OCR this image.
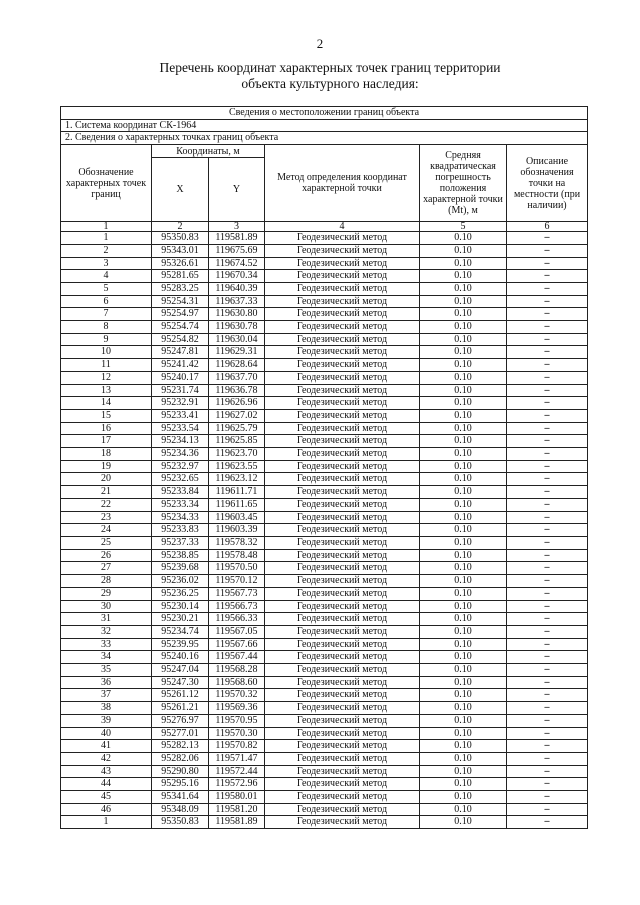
2
Перечень координат характерных точек границ территории
объекта культурного наследия:
Сведения о местоположении границ объекта					
1. Система координат СК-1964					
2. Сведения о характерных точках границ объекта					
Обозначение характерных точек границ	Координаты, м		Метод определения координат характерной точки	Средняя квадратическая погрешность положения характерной точки (Mt), м	Описание обозначения точки на местности (при наличии)
	X	Y			
1	2	3	4	5	6
1	95350.83	119581.89	Геодезический метод	0.10	–
2	95343.01	119675.69	Геодезический метод	0.10	–
3	95326.61	119674.52	Геодезический метод	0.10	–
4	95281.65	119670.34	Геодезический метод	0.10	–
5	95283.25	119640.39	Геодезический метод	0.10	–
6	95254.31	119637.33	Геодезический метод	0.10	–
7	95254.97	119630.80	Геодезический метод	0.10	–
8	95254.74	119630.78	Геодезический метод	0.10	–
9	95254.82	119630.04	Геодезический метод	0.10	–
10	95247.81	119629.31	Геодезический метод	0.10	–
11	95241.42	119628.64	Геодезический метод	0.10	–
12	95240.17	119637.70	Геодезический метод	0.10	–
13	95231.74	119636.78	Геодезический метод	0.10	–
14	95232.91	119626.96	Геодезический метод	0.10	–
15	95233.41	119627.02	Геодезический метод	0.10	–
16	95233.54	119625.79	Геодезический метод	0.10	–
17	95234.13	119625.85	Геодезический метод	0.10	–
18	95234.36	119623.70	Геодезический метод	0.10	–
19	95232.97	119623.55	Геодезический метод	0.10	–
20	95232.65	119623.12	Геодезический метод	0.10	–
21	95233.84	119611.71	Геодезический метод	0.10	–
22	95233.34	119611.65	Геодезический метод	0.10	–
23	95234.33	119603.45	Геодезический метод	0.10	–
24	95233.83	119603.39	Геодезический метод	0.10	–
25	95237.33	119578.32	Геодезический метод	0.10	–
26	95238.85	119578.48	Геодезический метод	0.10	–
27	95239.68	119570.50	Геодезический метод	0.10	–
28	95236.02	119570.12	Геодезический метод	0.10	–
29	95236.25	119567.73	Геодезический метод	0.10	–
30	95230.14	119566.73	Геодезический метод	0.10	–
31	95230.21	119566.33	Геодезический метод	0.10	–
32	95234.74	119567.05	Геодезический метод	0.10	–
33	95239.95	119567.66	Геодезический метод	0.10	–
34	95240.16	119567.44	Геодезический метод	0.10	–
35	95247.04	119568.28	Геодезический метод	0.10	–
36	95247.30	119568.60	Геодезический метод	0.10	–
37	95261.12	119570.32	Геодезический метод	0.10	–
38	95261.21	119569.36	Геодезический метод	0.10	–
39	95276.97	119570.95	Геодезический метод	0.10	–
40	95277.01	119570.30	Геодезический метод	0.10	–
41	95282.13	119570.82	Геодезический метод	0.10	–
42	95282.06	119571.47	Геодезический метод	0.10	–
43	95290.80	119572.44	Геодезический метод	0.10	–
44	95295.16	119572.96	Геодезический метод	0.10	–
45	95341.64	119580.01	Геодезический метод	0.10	–
46	95348.09	119581.20	Геодезический метод	0.10	–
1	95350.83	119581.89	Геодезический метод	0.10	–
